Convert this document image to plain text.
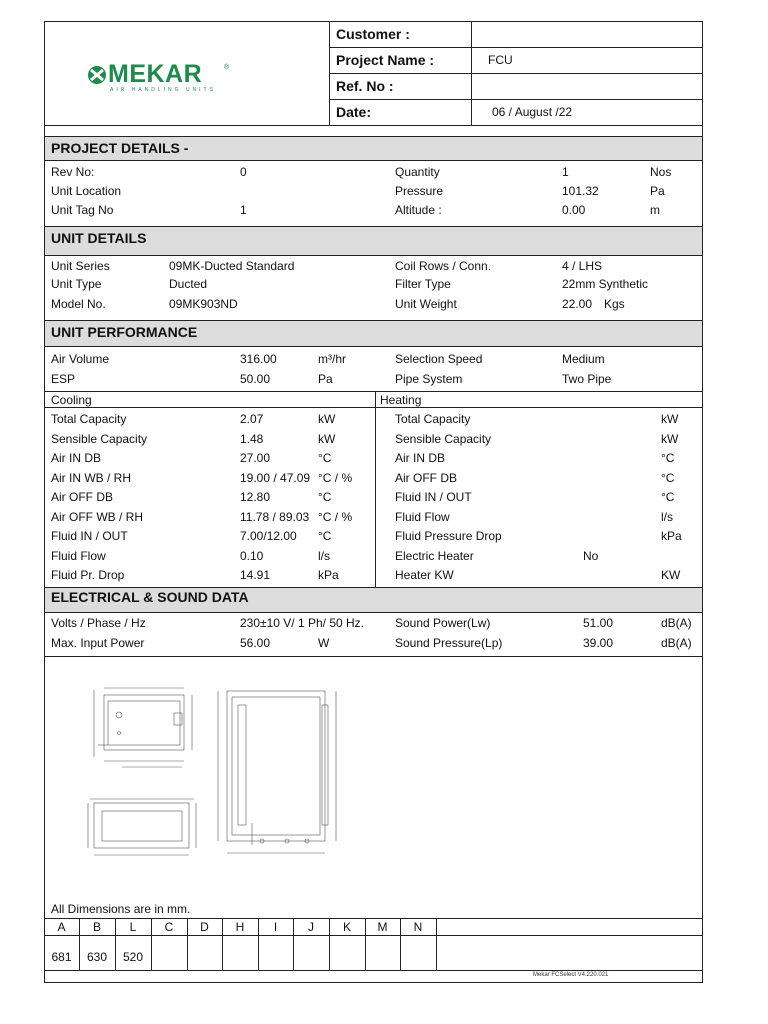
MEKAR	®
AIR HANDLING UNITS
Customer :
Project Name :	FCU
Ref. No :
Date:	06 / August /22
PROJECT DETAILS -
Rev No:	0	Quantity	1	Nos
Unit Location	Pressure	101.32	Pa
Unit Tag No	1	Altitude :	0.00	m
UNIT DETAILS
Unit Series	09MK-Ducted Standard	Coil Rows / Conn.	4 / LHS
Unit Type	Ducted	Filter Type	22mm Synthetic
Model No.	09MK903ND	Unit Weight	22.00 Kgs
UNIT PERFORMANCE
Air Volume	316.00	m³/hr	Selection Speed	Medium
ESP	50.00	Pa	Pipe System	Two Pipe
Cooling	Heating
Total Capacity	2.07	kW
Sensible Capacity	1.48	kW
Air IN DB	27.00	°C
Air IN WB / RH	19.00 / 47.09 °C / %
Air OFF DB	12.80	°C
Air OFF WB / RH	11.78 / 89.03 °C / %
Fluid IN / OUT	7.00/12.00 °C
Fluid Flow	0.10	l/s
Fluid Pr. Drop	14.91	kPa
Total Capacity	kW
Sensible Capacity	kW
Air IN DB	°C
Air OFF DB	°C
Fluid IN / OUT	°C
Fluid Flow	l/s
Fluid Pressure Drop	kPa
Electric Heater	No
Heater KW	KW
ELECTRICAL & SOUND DATA
Volts / Phase / Hz	230±10 V/ 1 Ph/ 50 Hz.	Sound Power(Lw)	51.00	dB(A)
Max. Input Power	56.00	W	Sound Pressure(Lp)	39.00	dB(A)
All Dimensions are in mm.
A	B	L	C	D	H	I	J	K	M	N
681	630	520
Mekar FCSelect V4.220.021
